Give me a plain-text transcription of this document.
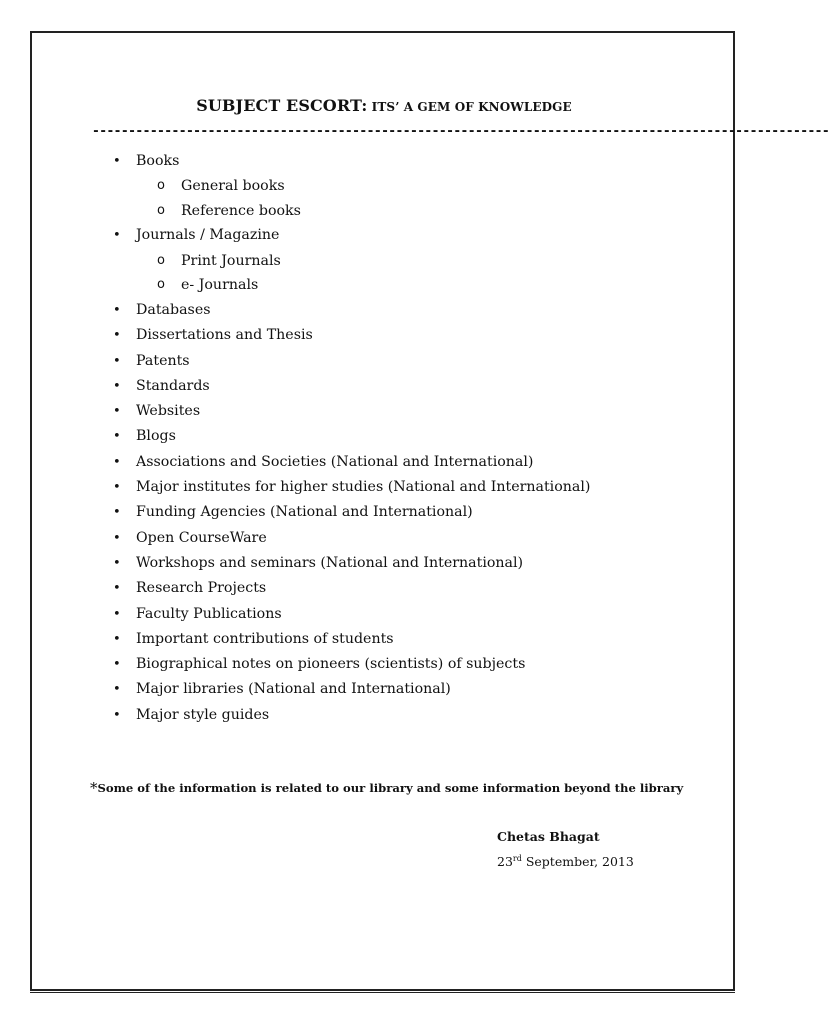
SUBJECT ESCORT: ITS’ A GEM OF KNOWLEDGE
------------------------------------------------------------------------------------------------------
• Books
o General books
o Reference books
• Journals / Magazine
o Print Journals
o e- Journals
• Databases
• Dissertations and Thesis
• Patents
• Standards
• Websites
• Blogs
• Associations and Societies (National and International)
• Major institutes for higher studies (National and International)
• Funding Agencies (National and International)
• Open CourseWare
• Workshops and seminars (National and International)
• Research Projects
• Faculty Publications
• Important contributions of students
• Biographical notes on pioneers (scientists) of subjects
• Major libraries (National and International)
• Major style guides
*Some of the information is related to our library and some information beyond the library
Chetas Bhagat
23rd September, 2013
